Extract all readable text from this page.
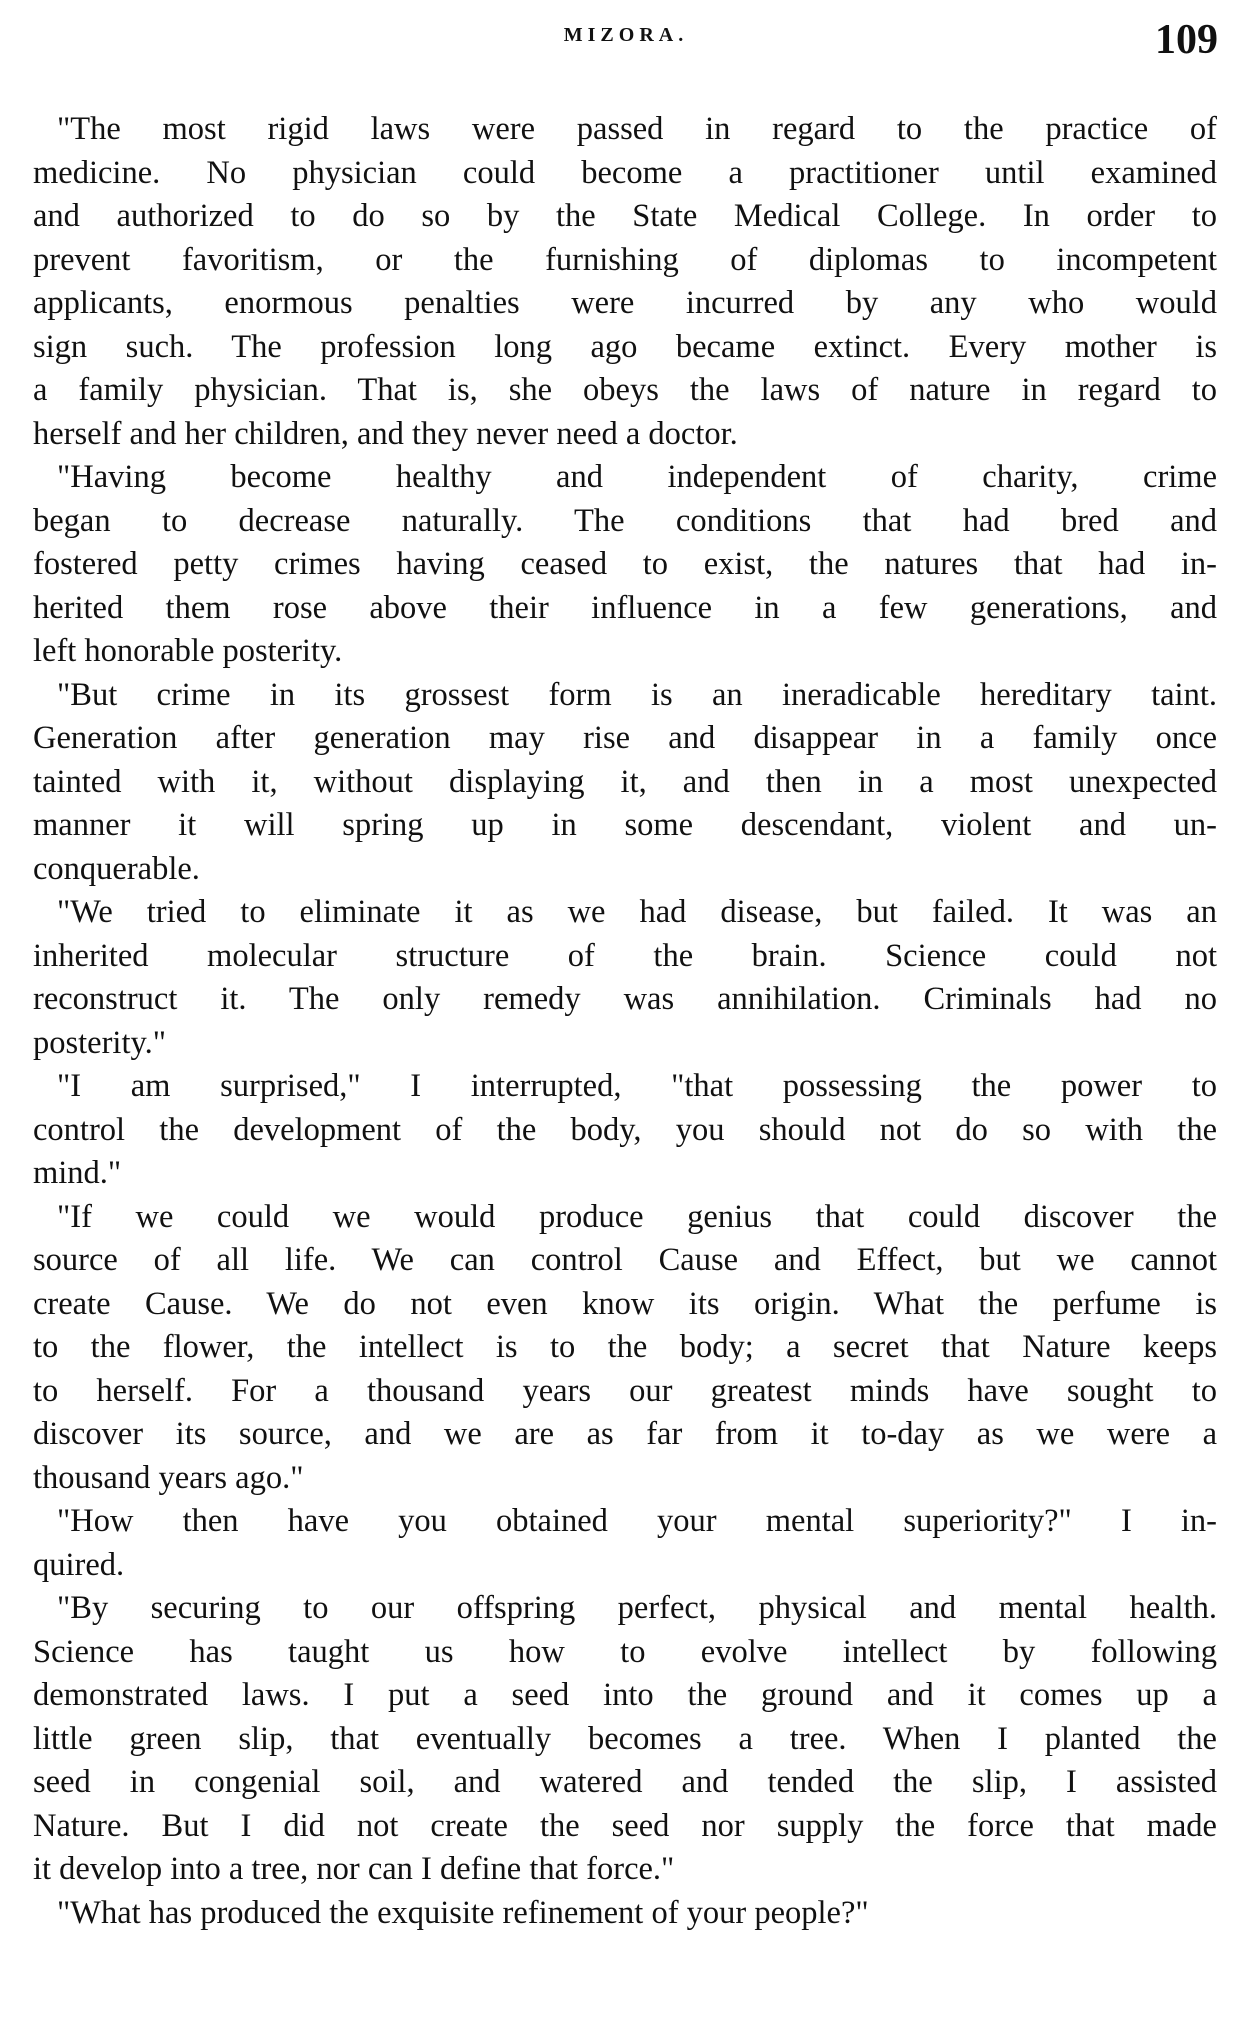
MIZORA.	109
"The most rigid laws were passed in regard to the practice of
medicine. No physician could become a practitioner until examined
and authorized to do so by the State Medical College. In order to
prevent favoritism, or the furnishing of diplomas to incompetent
applicants, enormous penalties were incurred by any who would
sign such. The profession long ago became extinct. Every mother is
a family physician. That is, she obeys the laws of nature in regard to
herself and her children, and they never need a doctor.
"Having become healthy and independent of charity, crime
began to decrease naturally. The conditions that had bred and
fostered petty crimes having ceased to exist, the natures that had in-
herited them rose above their influence in a few generations, and
left honorable posterity.
"But crime in its grossest form is an ineradicable hereditary taint.
Generation after generation may rise and disappear in a family once
tainted with it, without displaying it, and then in a most unexpected
manner it will spring up in some descendant, violent and un-
conquerable.
"We tried to eliminate it as we had disease, but failed. It was an
inherited molecular structure of the brain. Science could not
reconstruct it. The only remedy was annihilation. Criminals had no
posterity."
"I am surprised," I interrupted, "that possessing the power to
control the development of the body, you should not do so with the
mind."
"If we could we would produce genius that could discover the
source of all life. We can control Cause and Effect, but we cannot
create Cause. We do not even know its origin. What the perfume is
to the flower, the intellect is to the body; a secret that Nature keeps
to herself. For a thousand years our greatest minds have sought to
discover its source, and we are as far from it to-day as we were a
thousand years ago."
"How then have you obtained your mental superiority?" I in-
quired.
"By securing to our offspring perfect, physical and mental health.
Science has taught us how to evolve intellect by following
demonstrated laws. I put a seed into the ground and it comes up a
little green slip, that eventually becomes a tree. When I planted the
seed in congenial soil, and watered and tended the slip, I assisted
Nature. But I did not create the seed nor supply the force that made
it develop into a tree, nor can I define that force."
"What has produced the exquisite refinement of your people?"
